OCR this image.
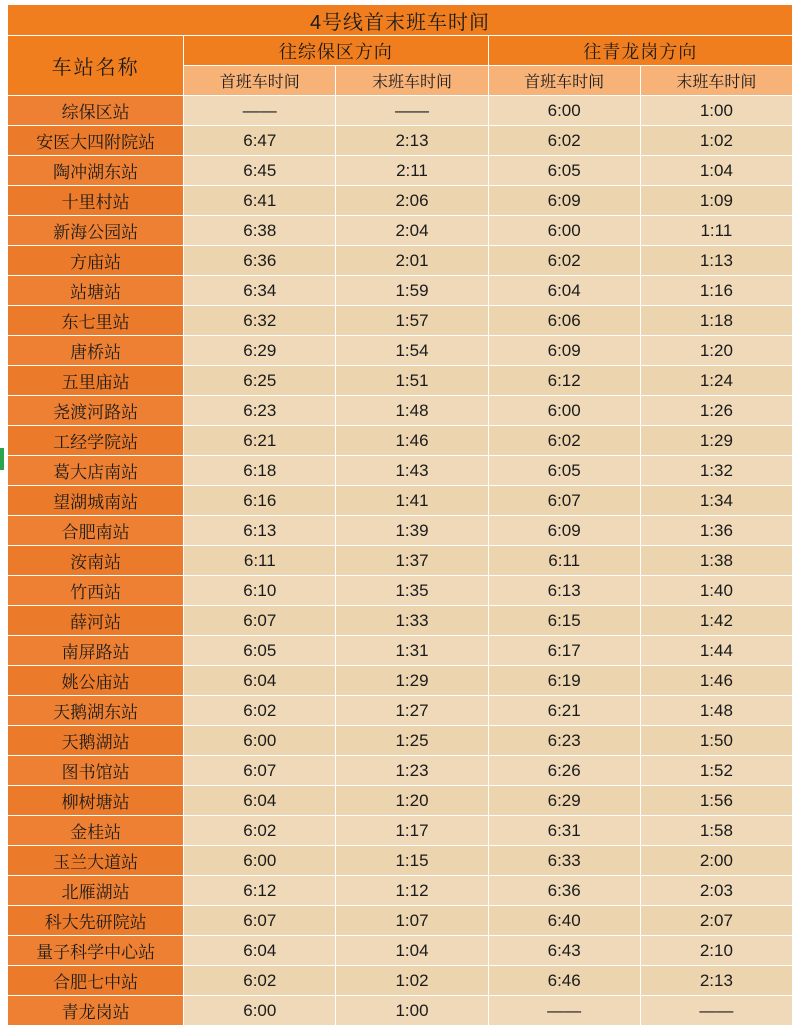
4号线首末班车时间				
车站名称	往综保区方向		往青龙岗方向	
	首班车时间	末班车时间	首班车时间	末班车时间
综保区站	——	——	6:00	1:00
安医大四附院站	6:47	2:13	6:02	1:02
陶冲湖东站	6:45	2:11	6:05	1:04
十里村站	6:41	2:06	6:09	1:09
新海公园站	6:38	2:04	6:00	1:11
方庙站	6:36	2:01	6:02	1:13
站塘站	6:34	1:59	6:04	1:16
东七里站	6:32	1:57	6:06	1:18
唐桥站	6:29	1:54	6:09	1:20
五里庙站	6:25	1:51	6:12	1:24
尧渡河路站	6:23	1:48	6:00	1:26
工经学院站	6:21	1:46	6:02	1:29
葛大店南站	6:18	1:43	6:05	1:32
望湖城南站	6:16	1:41	6:07	1:34
合肥南站	6:13	1:39	6:09	1:36
洝南站	6:11	1:37	6:11	1:38
竹西站	6:10	1:35	6:13	1:40
薛河站	6:07	1:33	6:15	1:42
南屏路站	6:05	1:31	6:17	1:44
姚公庙站	6:04	1:29	6:19	1:46
天鹅湖东站	6:02	1:27	6:21	1:48
天鹅湖站	6:00	1:25	6:23	1:50
图书馆站	6:07	1:23	6:26	1:52
柳树塘站	6:04	1:20	6:29	1:56
金桂站	6:02	1:17	6:31	1:58
玉兰大道站	6:00	1:15	6:33	2:00
北雁湖站	6:12	1:12	6:36	2:03
科大先研院站	6:07	1:07	6:40	2:07
量子科学中心站	6:04	1:04	6:43	2:10
合肥七中站	6:02	1:02	6:46	2:13
青龙岗站	6:00	1:00	——	——
